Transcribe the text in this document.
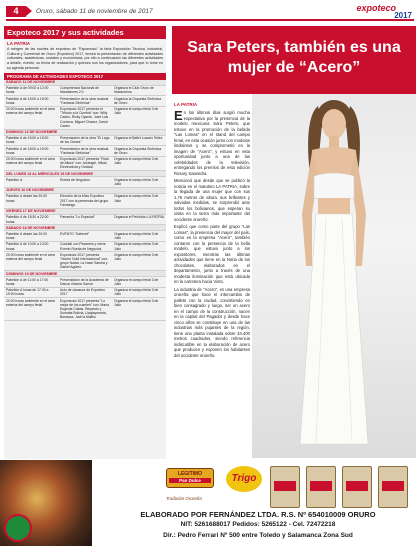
4	Oruro, sábado 11 de noviembre de 2017	expoteco
2017
Expoteco 2017 y sus actividades
LA PATRIA
A mérgen de las noches de expoteco de "Expomusic" la feria Exposición Técnica, Industrial, Cultural y Comercial de Oruro (Expoteco) 2017, tendrá la presentación de diferentes actividades culturales, académicas, sociales y económicas, por ello a continuación las diferentes actividades a detalle, evento, su fecha de realización y quienes son los organizadores, para que lo tome en su agenda personal.
PROGRAMA DE ACTIVIDADES EXPOTECO 2017
SÁBADO 11 DE NOVIEMBRE		
Pabellón A de 09:00 a 12:00 horas	Competencia Nacional de Marcadores 2.0	Organiza el Club Oruro de Macarónica
Pabellón A de 15:00 a 18:00 horas	Presentación de la obra musical "Fantasía Sinfónica"	Organiza la Orquesta Sinfónica de Oruro
20:00 horas ambiente en el área externa del campo ferial	Expomusic 2017 presenta el "Tributo a la Cumbia" con: Willy Castro, Ricky Oyante, José Luis Cordova, Miguel Chávez, David Castro	Organiza el campo ferial 3 de Julio
DOMINGO 12 DE NOVIEMBRE		
Pabellón A de 15:00 a 18:00 horas	Presentación de la obra "El Lago de los Cisnes"	Organiza el Ballet Luzario Tellez
Pabellón A de 18:00 a 19:00 horas	Presentación de la obra musical "Fantasía Sinfónica"	Organiza la Orquesta Sinfónica de Oruro
20:00 horas ambiente en el área externa del campo ferial	Expomusic 2017 presenta "Rock de Altura" con: Arcángel, Mboá, Electrodicta y Octavia	Organiza el campo ferial 3 de Julio
DEL LUNES 13 AL MIÉRCOLES 15 DE NOVIEMBRE		
Pabellón A	Rueda de Negocios	Organiza el campo ferial 3 de Julio
JUEVES 16 DE NOVIEMBRE		
Pabellón A desde las 20:00 horas	Elección de la Miss Expoteco 2017 con la presencia del grupo Fandango	Organiza el campo ferial 3 de Julio
VIERNES 17 DE NOVIEMBRE		
Pabellón A de 18:30 a 22:00 horas	Parranda "Lo Especial"	Organiza el Periódico LA PATRIA
SÁBADO 18 DE NOVIEMBRE		
Pabellón A desde las 20:00 horas	EVENTO "Kaberet"	Organiza el campo ferial 3 de Julio
Pabellón A de 10:00 a 13:00 horas	Cocktail con Pesaners y cierre Evento Rueda de Negocios	Organiza el campo ferial 3 de Julio
20:00 horas ambiente en el área externa del campo ferial	Expomusic 2017 presenta "Noche Gold Internacional" con: grupo Nadar, La Nave Samba y Daniel Agüero	Organiza el campo ferial 3 de Julio
DOMINGO 19 DE NOVIEMBRE		
Pabellón A de 11:00 a 17:00 horas	Presentación de la Academia de Danza Viviana Garrón	Organiza el campo ferial 3 de Julio
Pabellón A horas de 17:30 a 19:00 horas	Acto de clausura de Expoteco 2017	Organiza el campo ferial 3 de Julio
20:00 horas ambiente en el área externa del campo ferial	Expomusic 2017 presenta "Lo mejor de los ruanteh" con: María Eugenia Cabas, Reyando y Sumalta Bolivia, Llaqtaymanta, Bonanza, Jach'a Mallku	Organiza el campo ferial 3 de Julio
Sara Peters, también es una mujer de “Acero”
LA PATRIA

En los últimos días surgió mucha expectativa por la presencia de la modelo mexicana Sara Peters, que estuvo en la promoción de la bebida "Las Lomas" en el stand del campo ferial, en esta ocasión junto con modelos lindisimos y se comprometió en la imagen de "Acero", y estuvo en esta oportunidad junto a una de las celebridades de la televisión, entregando los premios de esta edición Rosary Saavedra.

Mencionó que desde que se publicó la noticia en el matutino LA PATRIA, sobre la llegada de una mujer que con sus 1,76 metros de altura, sus brillantes y salvadas medidas, se sorprendió ante todos los bolivianos, que esperan su visita en la tierra más importante del occidente orureño.

Explicó que como parte del grupo "Las Lomas", la presencia del mayor del país, como es la empresa "Acero", también contaron con la presencia de la bella modelo, que estuvo junto a los expositores, mientras las últimas actividades que tiene en la Noria de los chocolates, elaborados en el departamento, junto a través de una modesta iluminación que está ubicada en la carretera hacia Vinto.

La industria de "Acero", es una empresa orureña que hace el intercambio de pallets con la ciudad, convirtiendo en bien consagrado y luego, ser un acero en el campo de la construcción, nacen en la capital del Pagador y desde hace cinco años se constituye en una de las industrias más pujantes de la región, tiene una planta instalada sobre 34.400 metros cuadrados, siendo referencia indiscutible en la elaboración de acero que producen y exponen los habitantes del occidente orureño.

LEGITIMO
Pan Dulce	Trigo
Tradición Orureña
ELABORADO POR FERNÁNDEZ LTDA. R.S. Nº 654010009 ORURO
NIT: 5261688017 Pedidos: 5265122 - Cel. 72472218
Dir.: Pedro Ferrari Nº 500 entre Toledo y Salamanca Zona Sud
